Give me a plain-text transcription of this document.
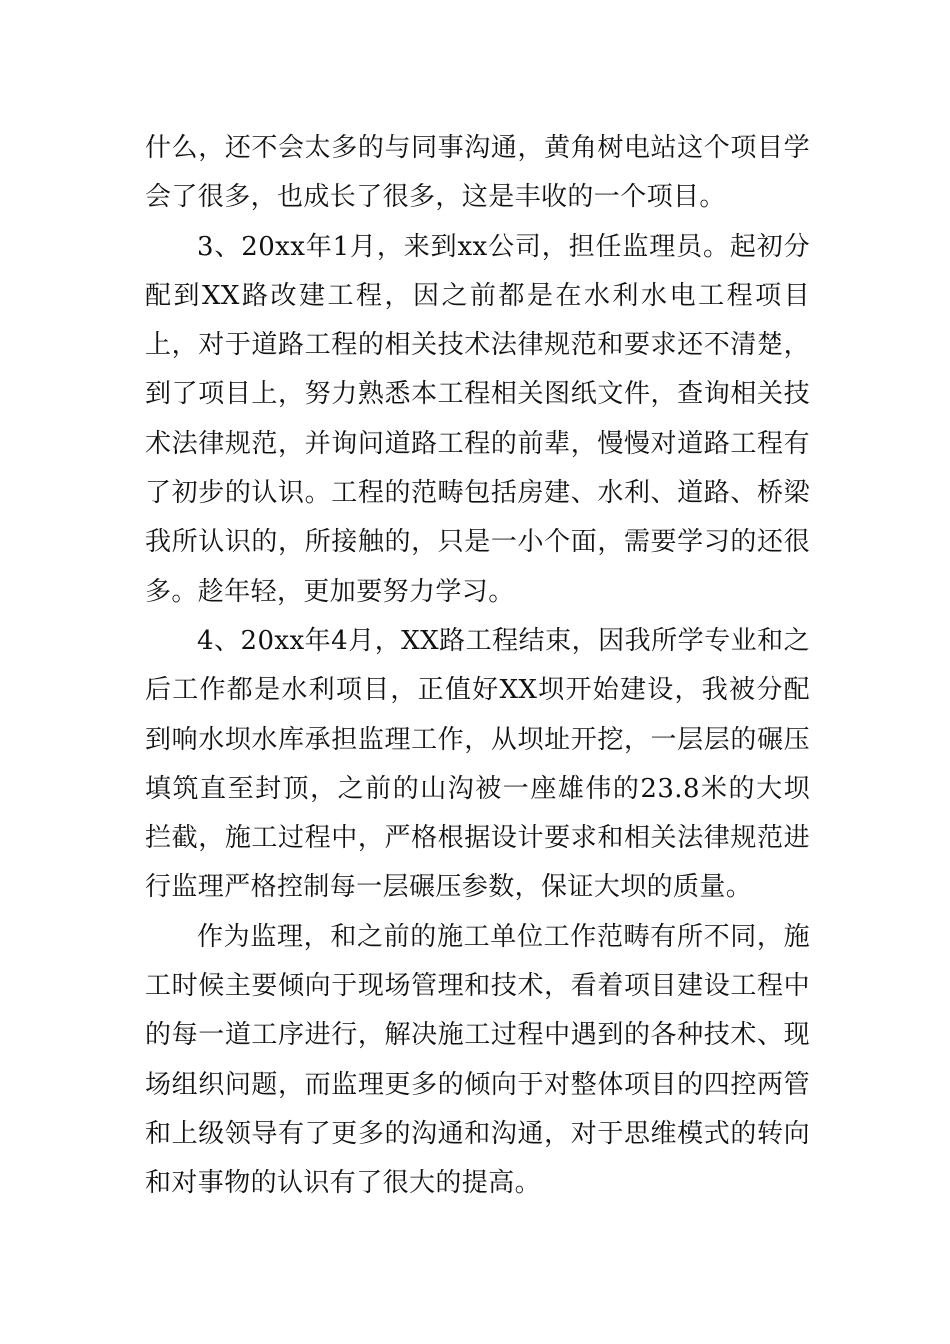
什么，还不会太多的与同事沟通，黄角树电站这个项目学会了很多，也成长了很多，这是丰收的一个项目。

3、20xx年1月，来到xx公司，担任监理员。起初分配到XX路改建工程，因之前都是在水利水电工程项目上，对于道路工程的相关技术法律规范和要求还不清楚，到了项目上，努力熟悉本工程相关图纸文件，查询相关技术法律规范，并询问道路工程的前辈，慢慢对道路工程有了初步的认识。工程的范畴包括房建、水利、道路、桥梁我所认识的，所接触的，只是一小个面，需要学习的还很多。趁年轻，更加要努力学习。

4、20xx年4月，XX路工程结束，因我所学专业和之后工作都是水利项目，正值好XX坝开始建设，我被分配到响水坝水库承担监理工作，从坝址开挖，一层层的碾压填筑直至封顶，之前的山沟被一座雄伟的23.8米的大坝拦截，施工过程中，严格根据设计要求和相关法律规范进行监理严格控制每一层碾压参数，保证大坝的质量。

作为监理，和之前的施工单位工作范畴有所不同，施工时候主要倾向于现场管理和技术，看着项目建设工程中的每一道工序进行，解决施工过程中遇到的各种技术、现场组织问题，而监理更多的倾向于对整体项目的四控两管和上级领导有了更多的沟通和沟通，对于思维模式的转向和对事物的认识有了很大的提高。
